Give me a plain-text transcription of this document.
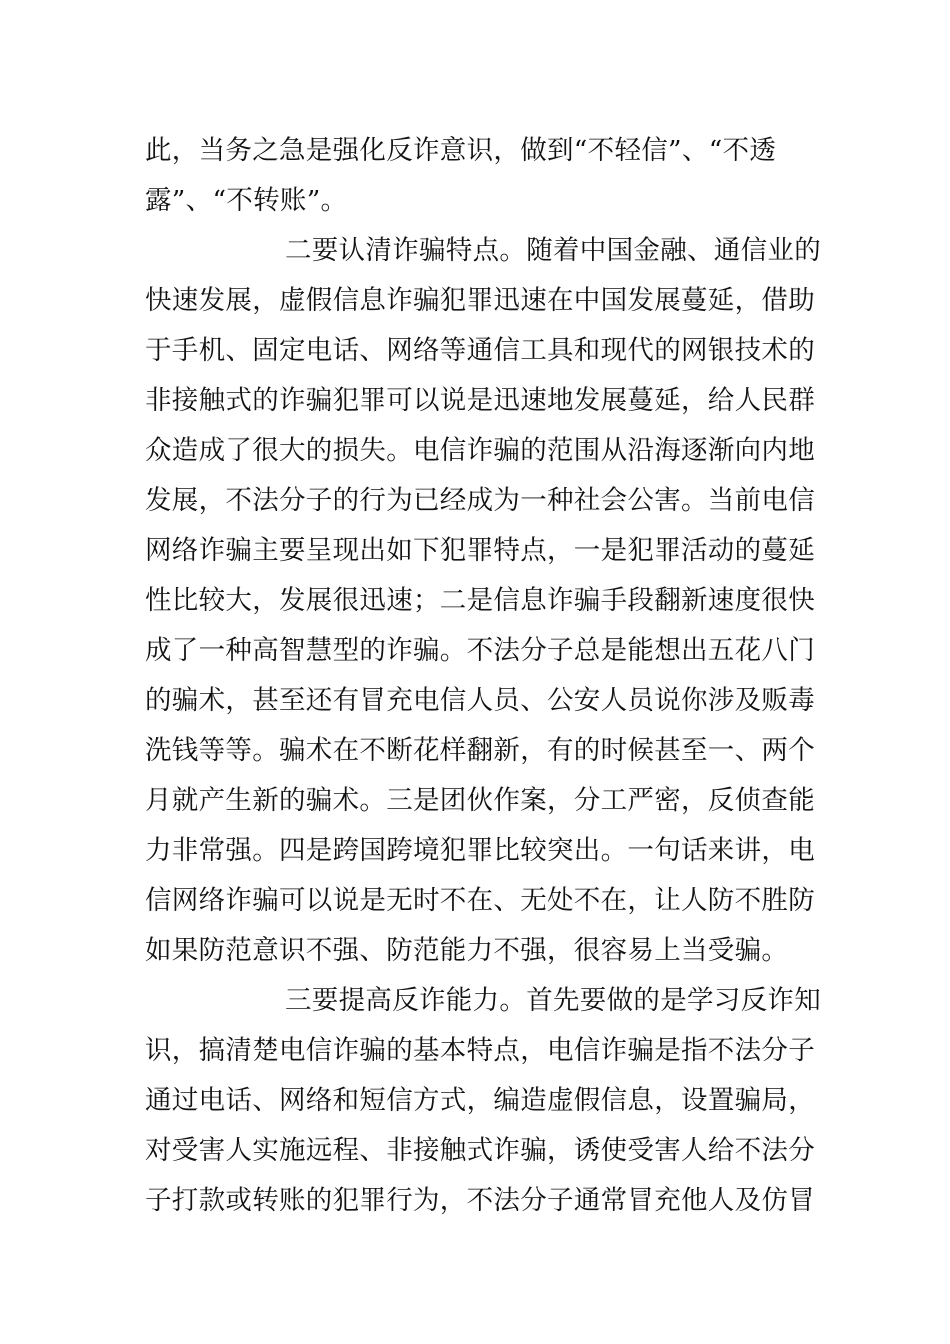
此，当务之急是强化反诈意识，做到“不轻信”、“不透
露”、“不转账”。
二要认清诈骗特点。随着中国金融、通信业的
快速发展，虚假信息诈骗犯罪迅速在中国发展蔓延，借助
于手机、固定电话、网络等通信工具和现代的网银技术的
非接触式的诈骗犯罪可以说是迅速地发展蔓延，给人民群
众造成了很大的损失。电信诈骗的范围从沿海逐渐向内地
发展，不法分子的行为已经成为一种社会公害。当前电信
网络诈骗主要呈现出如下犯罪特点，一是犯罪活动的蔓延
性比较大，发展很迅速；二是信息诈骗手段翻新速度很快
成了一种高智慧型的诈骗。不法分子总是能想出五花八门
的骗术，甚至还有冒充电信人员、公安人员说你涉及贩毒
洗钱等等。骗术在不断花样翻新，有的时候甚至一、两个
月就产生新的骗术。三是团伙作案，分工严密，反侦查能
力非常强。四是跨国跨境犯罪比较突出。一句话来讲，电
信网络诈骗可以说是无时不在、无处不在，让人防不胜防
如果防范意识不强、防范能力不强，很容易上当受骗。
三要提高反诈能力。首先要做的是学习反诈知
识，搞清楚电信诈骗的基本特点，电信诈骗是指不法分子
通过电话、网络和短信方式，编造虚假信息，设置骗局，
对受害人实施远程、非接触式诈骗，诱使受害人给不法分
子打款或转账的犯罪行为，不法分子通常冒充他人及仿冒
